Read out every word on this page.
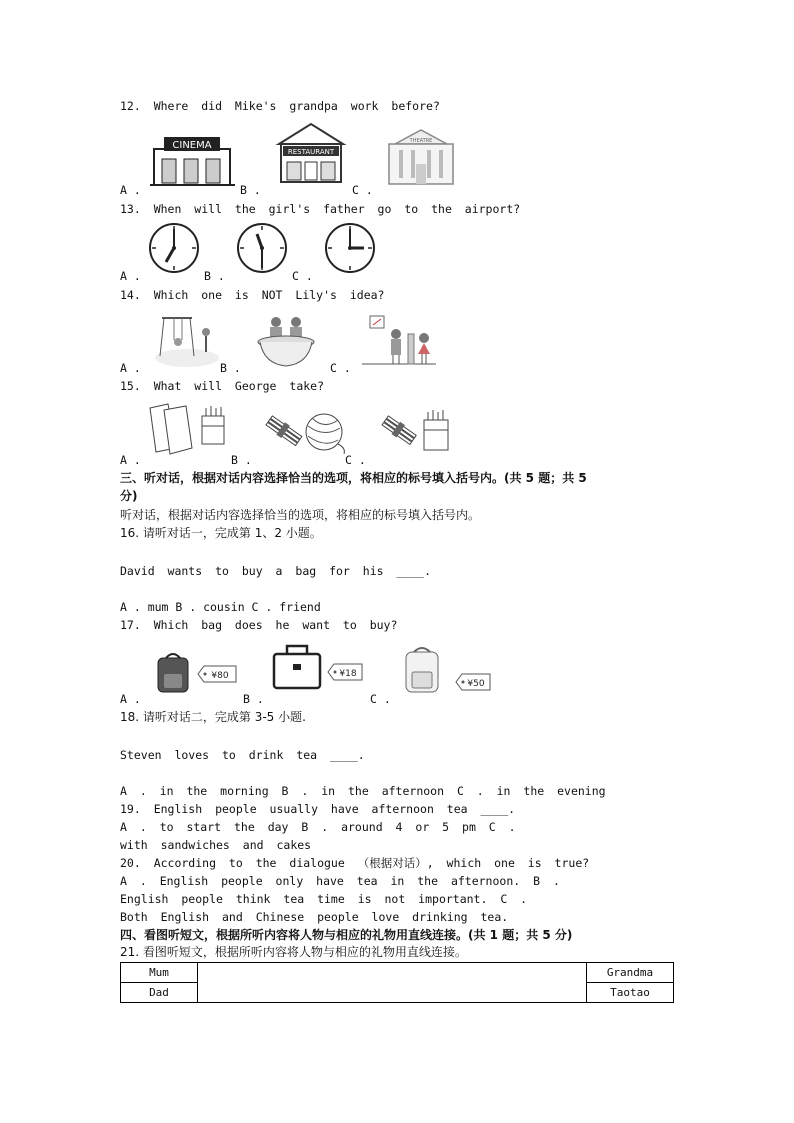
12. Where did Mike's grandpa work before?
CINEMA
RESTAURANT
THEATRE
A .	B .	C .
13. When will the girl's father go to the airport?
A .	B .	C .
14. Which one is NOT Lily's idea?
A .	B .	C .
15. What will George take?
A .	B .	C .
三、听对话，根据对话内容选择恰当的选项，将相应的标号填入括号内。(共 5 题；共 5
分)
听对话，根据对话内容选择恰当的选项，将相应的标号填入括号内。
16. 请听对话一，完成第 1、2 小题。
David wants to buy a bag for his ____.
A . mum B . cousin C . friend
17. Which bag does he want to buy?
¥80	¥18
¥50
A .	B .	C .
18. 请听对话二，完成第 3-5 小题.
Steven loves to drink tea ____.
A . in the morning B . in the afternoon C . in the evening
19. English people usually have afternoon tea ____.
A . to start the day B . around 4 or 5 pm C .
with sandwiches and cakes
20. According to the dialogue （根据对话）, which one is true?
A . English people only have tea in the afternoon. B .
English people think tea time is not important. C .
Both English and Chinese people love drinking tea.
四、看图听短文，根据所听内容将人物与相应的礼物用直线连接。(共 1 题；共 5 分)
21. 看图听短文，根据所听内容将人物与相应的礼物用直线连接。
Mum		Grandma
Dad		Taotao
